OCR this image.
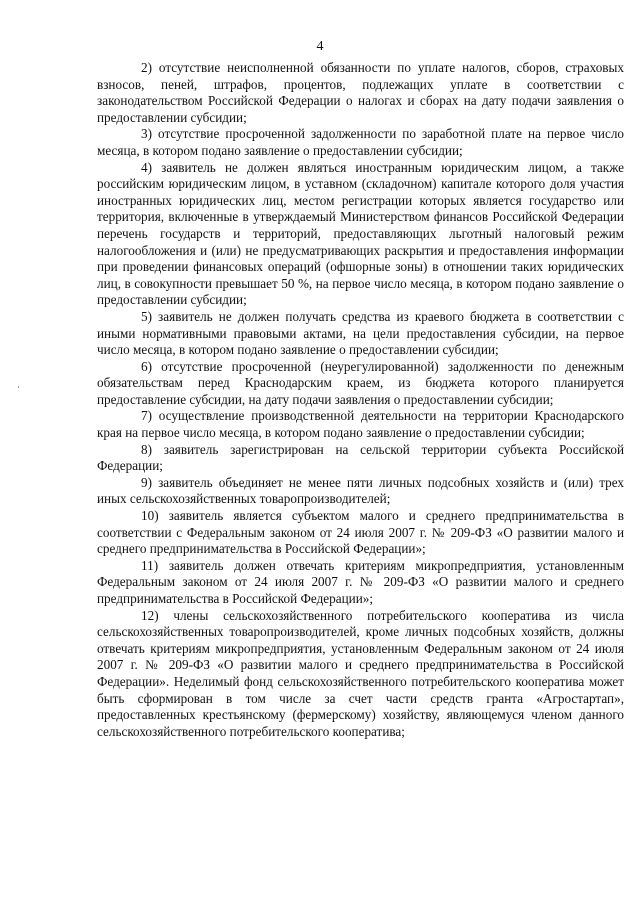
4

2) отсутствие неисполненной обязанности по уплате налогов, сборов, страховых взносов, пеней, штрафов, процентов, подлежащих уплате в соответствии с законодательством Российской Федерации о налогах и сборах на дату подачи заявления о предоставлении субсидии;

3) отсутствие просроченной задолженности по заработной плате на первое число месяца, в котором подано заявление о предоставлении субсидии;

4) заявитель не должен являться иностранным юридическим лицом, а также российским юридическим лицом, в уставном (складочном) капитале которого доля участия иностранных юридических лиц, местом регистрации которых является государство или территория, включенные в утверждаемый Министерством финансов Российской Федерации перечень государств и территорий, предоставляющих льготный налоговый режим налогообложения и (или) не предусматривающих раскрытия и предоставления информации при проведении финансовых операций (офшорные зоны) в отношении таких юридических лиц, в совокупности превышает 50 %, на первое число месяца, в котором подано заявление о предоставлении субсидии;

5) заявитель не должен получать средства из краевого бюджета в соответствии с иными нормативными правовыми актами, на цели предоставления субсидии, на первое число месяца, в котором подано заявление о предоставлении субсидии;

6) отсутствие просроченной (неурегулированной) задолженности по денежным обязательствам перед Краснодарским краем, из бюджета которого планируется предоставление субсидии, на дату подачи заявления о предоставлении субсидии;

7) осуществление производственной деятельности на территории Краснодарского края на первое число месяца, в котором подано заявление о предоставлении субсидии;

8) заявитель зарегистрирован на сельской территории субъекта Российской Федерации;

9) заявитель объединяет не менее пяти личных подсобных хозяйств и (или) трех иных сельскохозяйственных товаропроизводителей;

10) заявитель является субъектом малого и среднего предпринимательства в соответствии с Федеральным законом от 24 июля 2007 г. № 209-ФЗ «О развитии малого и среднего предпринимательства в Российской Федерации»;

11) заявитель должен отвечать критериям микропредприятия, установленным Федеральным законом от 24 июля 2007 г. № 209-ФЗ «О развитии малого и среднего предпринимательства в Российской Федерации»;

12) члены сельскохозяйственного потребительского кооператива из числа сельскохозяйственных товаропроизводителей, кроме личных подсобных хозяйств, должны отвечать критериям микропредприятия, установленным Федеральным законом от 24 июля 2007 г. № 209-ФЗ «О развитии малого и среднего предпринимательства в Российской Федерации». Неделимый фонд сельскохозяйственного потребительского кооператива может быть сформирован в том числе за счет части средств гранта «Агростартап», предоставленных крестьянскому (фермерскому) хозяйству, являющемуся членом данного сельскохозяйственного потребительского кооператива;
